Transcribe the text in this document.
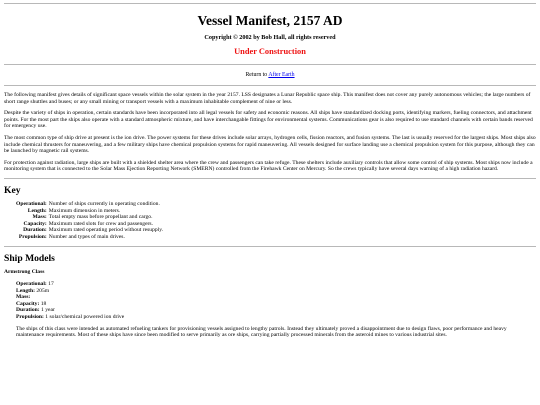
Vessel Manifest, 2157 AD
Copyright © 2002 by Bob Hall, all rights reserved
Under Construction
Return to After Earth

The following manifest gives details of significant space vessels within the solar system in the year 2157. LSS designates a Lunar Republic space ship. This manifest does not cover any purely autonomous vehicles; the large numbers of short range shuttles and buses; or any small mining or transport vessels with a maximum inhabitable complement of nine or less.

Despite the variety of ships in operation, certain standards have been incorporated into all legal vessels for safety and economic reasons. All ships have standardized docking ports, identifying markers, fueling connectors, and attachment points. For the most part the ships also operate with a standard atmospheric mixture, and have interchangable fittings for environmental systems. Communications gear is also required to use standard channels with certain bands reserved for emergency use.

The most common type of ship drive at present is the ion drive. The power systems for these drives include solar arrays, hydrogen cells, fission reactors, and fusion systems. The last is usually reserved for the largest ships. Most ships also include chemical thrusters for maneuvering, and a few military ships have chemical propulsion systems for rapid maneuvering. All vessels designed for surface landing use a chemical propulsion system for this purpose, although they can be launched by magnetic rail systems.

For protection against radiation, large ships are built with a shielded shelter area where the crew and passengers can take refuge. These shelters include auxiliary controls that allow some control of ship systems. Most ships now include a monitoring system that is connected to the Solar Mass Ejection Reporting Network (SMERN) controlled from the Firehawk Center on Mercury. So the crews typically have several days warning of a high radiation hazard.

Key
Operational:	Number of ships currently in operating condition.
Length:	Maximum dimension in meters.
Mass:	Total empty mass before propellant and cargo.
Capacity:	Maximum rated slots for crew and passengers.
Duration:	Maximum rated operating period without resupply.
Propulsion:	Number and types of main drives.
Ship Models
Armstrong Class
Operational: 17
Length: 205m
Mass:
Capacity: 18
Duration: 1 year
Propulsion: 1 solar/chemical powered ion drive

The ships of this class were intended as automated refueling tankers for provisioning vessels assigned to lengthy patrols. Instead they ultimately proved a disappointment due to design flaws, poor performance and heavy maintenance requirements. Most of these ships have since been modified to serve primarily as ore ships, carrying partially processed minerals from the asteroid mines to various industrial sites.
